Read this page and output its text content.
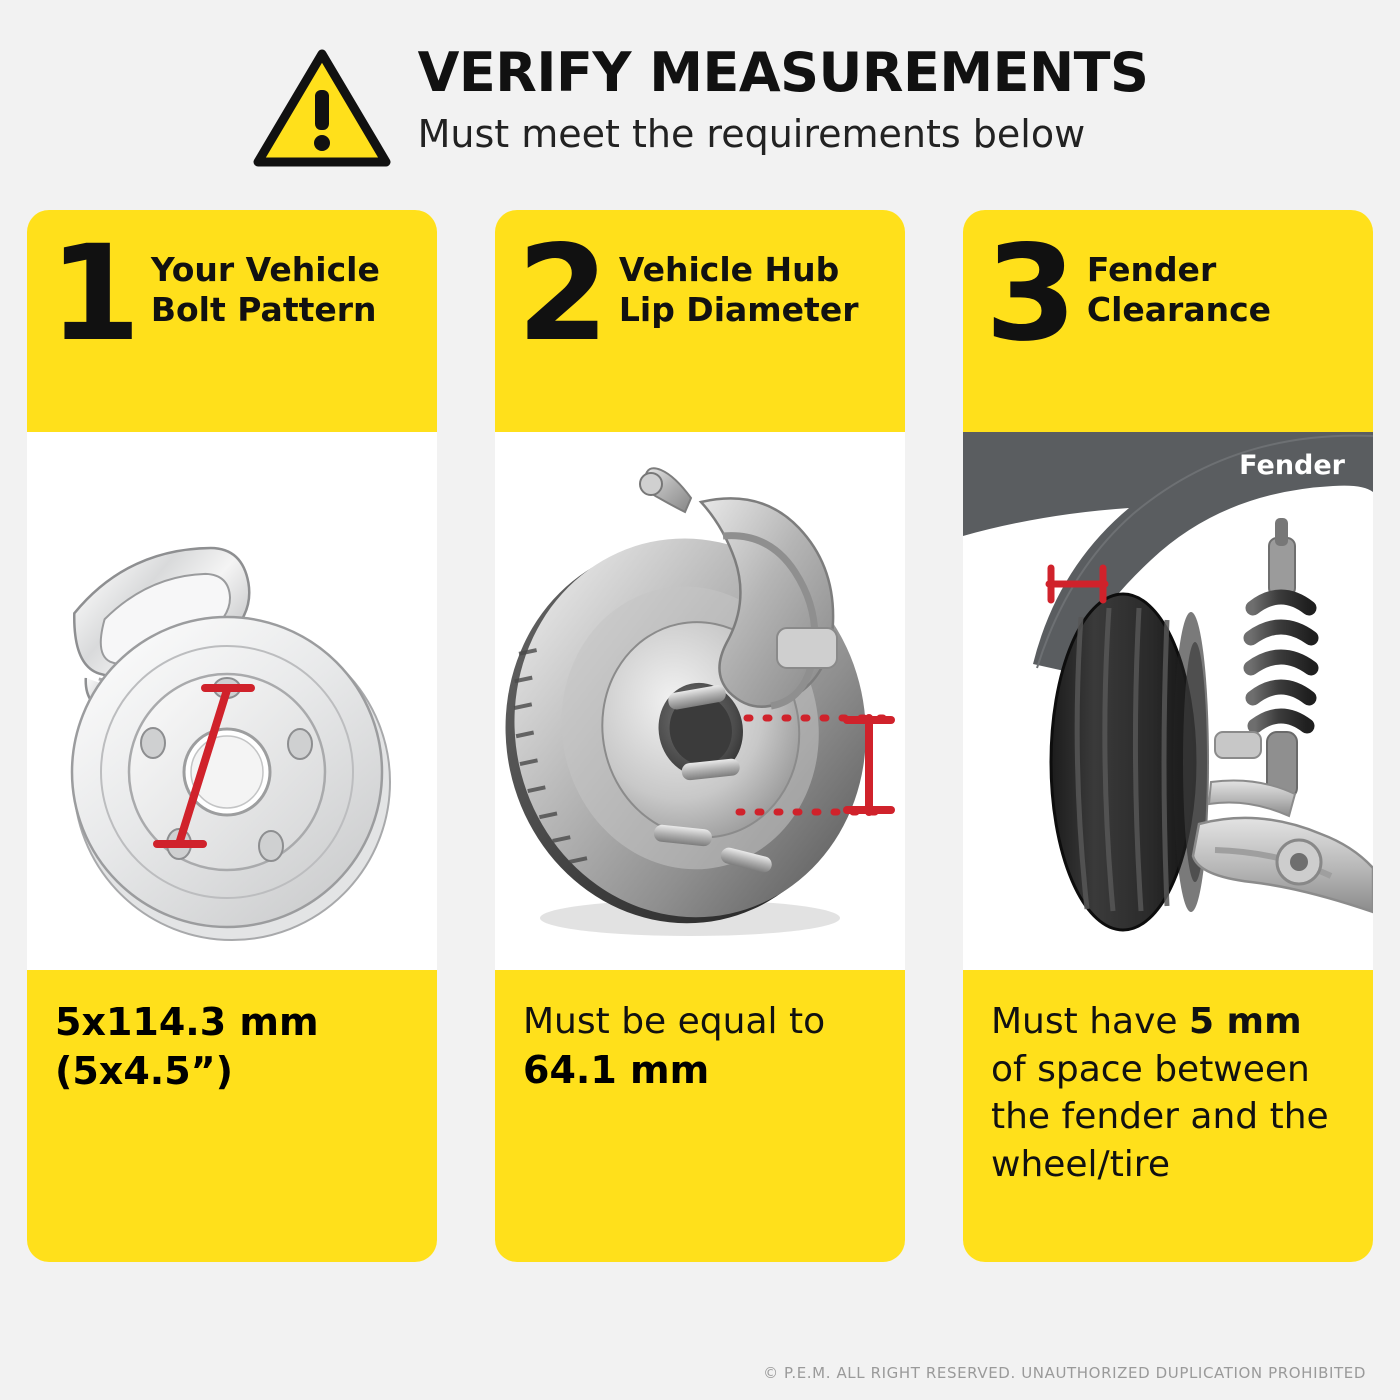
VERIFY MEASUREMENTS
Must meet the requirements below
1 Your Vehicle Bolt Pattern
5x114.3 mm
(5x4.5”)
2 Vehicle Hub Lip Diameter
Must be equal to
64.1 mm
3 Fender Clearance
Fender
Must have 5 mm of space between the fender and the wheel/tire
© P.E.M. ALL RIGHT RESERVED. UNAUTHORIZED DUPLICATION PROHIBITED
